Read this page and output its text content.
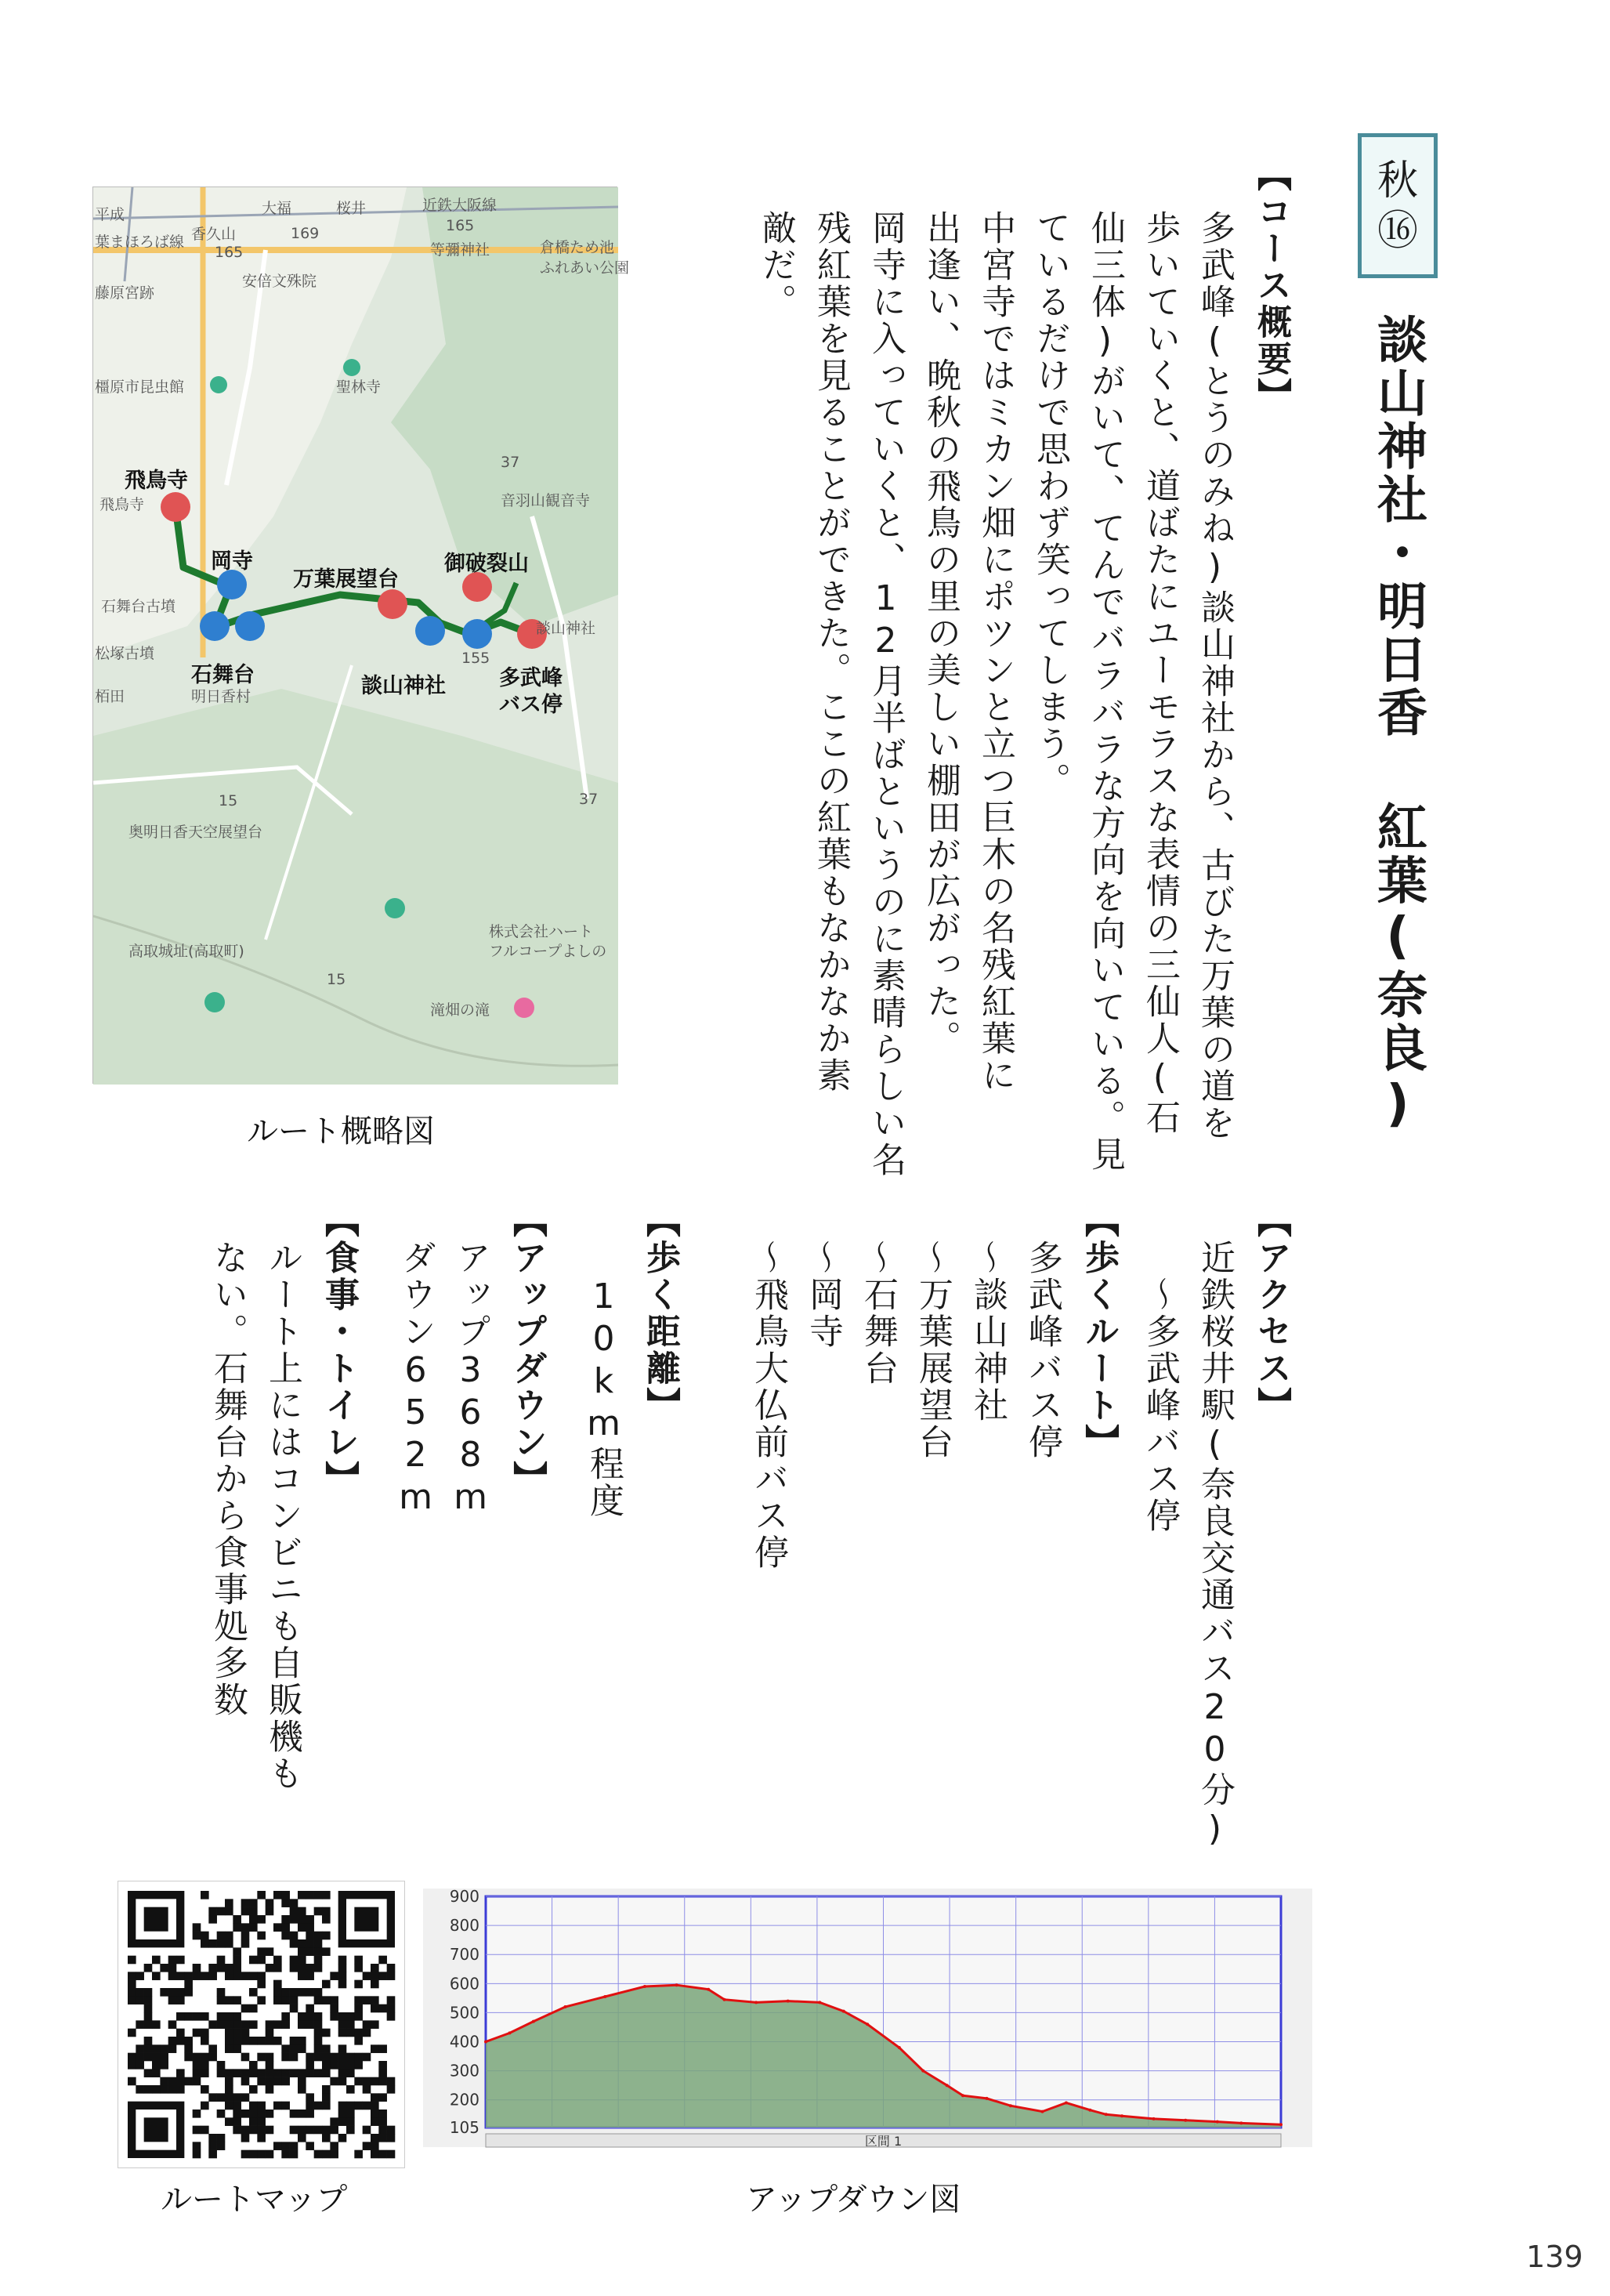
秋
⑯
談山神社・明日香 紅葉(奈良)
【コース概要】
多武峰(とうのみね)談山神社から、古びた万葉の道を
歩いていくと、道ばたにユーモラスな表情の三仙人(石
仙三体)がいて、てんでバラバラな方向を向いている。見
ているだけで思わず笑ってしまう。
中宮寺ではミカン畑にポツンと立つ巨木の名残紅葉に
出逢い、晩秋の飛鳥の里の美しい棚田が広がった。
岡寺に入っていくと、12月半ばというのに素晴らしい名
残紅葉を見ることができた。ここの紅葉もなかなか素
敵だ。
【アクセス】
　近鉄桜井駅(奈良交通バス20分)
　　～多武峰バス停
【歩くルート】
　多武峰バス停
　～談山神社
　～万葉展望台
　～石舞台
　～岡寺
　～飛鳥大仏前バス停
【歩く距離】
　　10km程度
【アップダウン】
　アップ368m
　ダウン652m
【食事・トイレ】
　ルート上にはコンビニも自販機も
　ない。石舞台から食事処多数
近鉄大阪線
大福	桜井
香久山
平成
葉まほろば線
安倍文殊院
等彌神社
藤原宮跡
倉橋ため池
ふれあい公園
橿原市昆虫館	聖林寺
音羽山観音寺
飛鳥寺
石舞台古墳
松塚古墳
談山神社
明日香村
栢田
奥明日香天空展望台
高取城址(高取町)
株式会社ハート
フルコープよしの
滝畑の滝
165
169
165
37
155
15	37
15
飛鳥寺
岡寺
石舞台
万葉展望台
談山神社
御破裂山
多武峰
バス停
ルート概略図
ルートマップ
105
200
300
400
500
600
700
800
900
区間 1
アップダウン図
139
